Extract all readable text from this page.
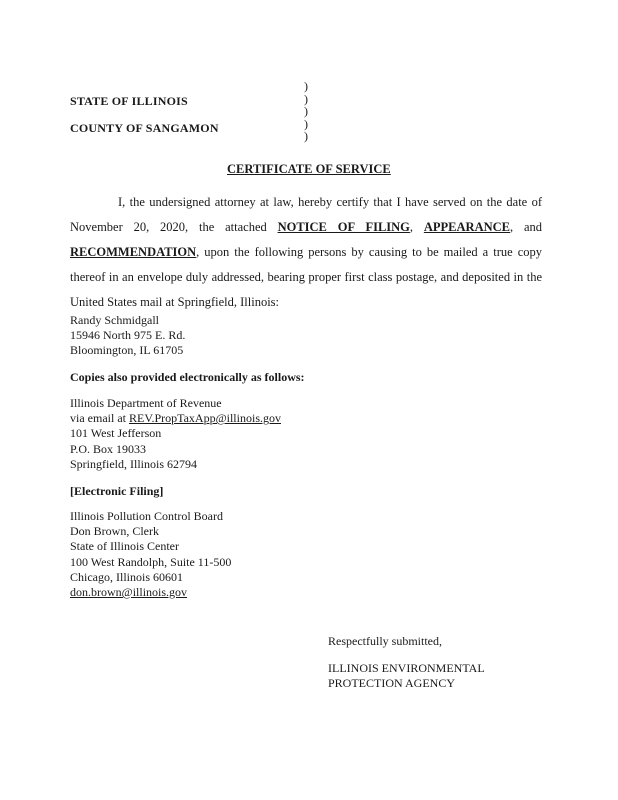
STATE OF ILLINOIS
COUNTY OF SANGAMON
)
)
)
)
)
CERTIFICATE OF SERVICE
I, the undersigned attorney at law, hereby certify that I have served on the date of November 20, 2020, the attached NOTICE OF FILING, APPEARANCE, and RECOMMENDATION, upon the following persons by causing to be mailed a true copy thereof in an envelope duly addressed, bearing proper first class postage, and deposited in the United States mail at Springfield, Illinois:
Randy Schmidgall
15946 North 975 E. Rd.
Bloomington, IL 61705
Copies also provided electronically as follows:
Illinois Department of Revenue
via email at REV.PropTaxApp@illinois.gov
101 West Jefferson
P.O. Box 19033
Springfield, Illinois 62794
[Electronic Filing]
Illinois Pollution Control Board
Don Brown, Clerk
State of Illinois Center
100 West Randolph, Suite 11-500
Chicago, Illinois 60601
don.brown@illinois.gov
Respectfully submitted,
ILLINOIS ENVIRONMENTAL
PROTECTION AGENCY
